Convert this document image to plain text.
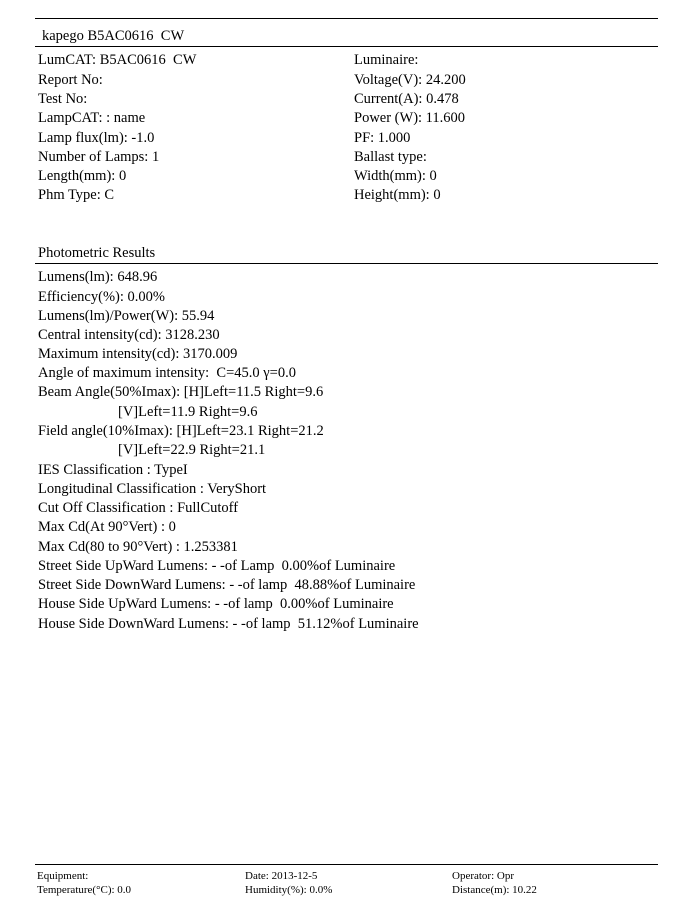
kapego B5AC0616  CW
LumCAT: B5AC0616  CW
Report No:
Test No:
LampCAT: : name
Lamp flux(lm): -1.0
Number of Lamps: 1
Length(mm): 0
Phm Type: C
Luminaire:
Voltage(V): 24.200
Current(A): 0.478
Power (W): 11.600
PF: 1.000
Ballast type:
Width(mm): 0
Height(mm): 0
Photometric Results
Lumens(lm): 648.96
Efficiency(%): 0.00%
Lumens(lm)/Power(W): 55.94
Central intensity(cd): 3128.230
Maximum intensity(cd): 3170.009
Angle of maximum intensity:  C=45.0 γ=0.0
Beam Angle(50%Imax): [H]Left=11.5 Right=9.6
[V]Left=11.9 Right=9.6
Field angle(10%Imax): [H]Left=23.1 Right=21.2
[V]Left=22.9 Right=21.1
IES Classification : TypeI
Longitudinal Classification : VeryShort
Cut Off Classification : FullCutoff
Max Cd(At 90°Vert) : 0
Max Cd(80 to 90°Vert) : 1.253381
Street Side UpWard Lumens: - -of Lamp  0.00%of Luminaire
Street Side DownWard Lumens: - -of lamp  48.88%of Luminaire
House Side UpWard Lumens: - -of lamp  0.00%of Luminaire
House Side DownWard Lumens: - -of lamp  51.12%of Luminaire
Equipment:
Temperature(°C): 0.0
Date: 2013-12-5
Humidity(%): 0.0%
Operator: Opr
Distance(m): 10.22
